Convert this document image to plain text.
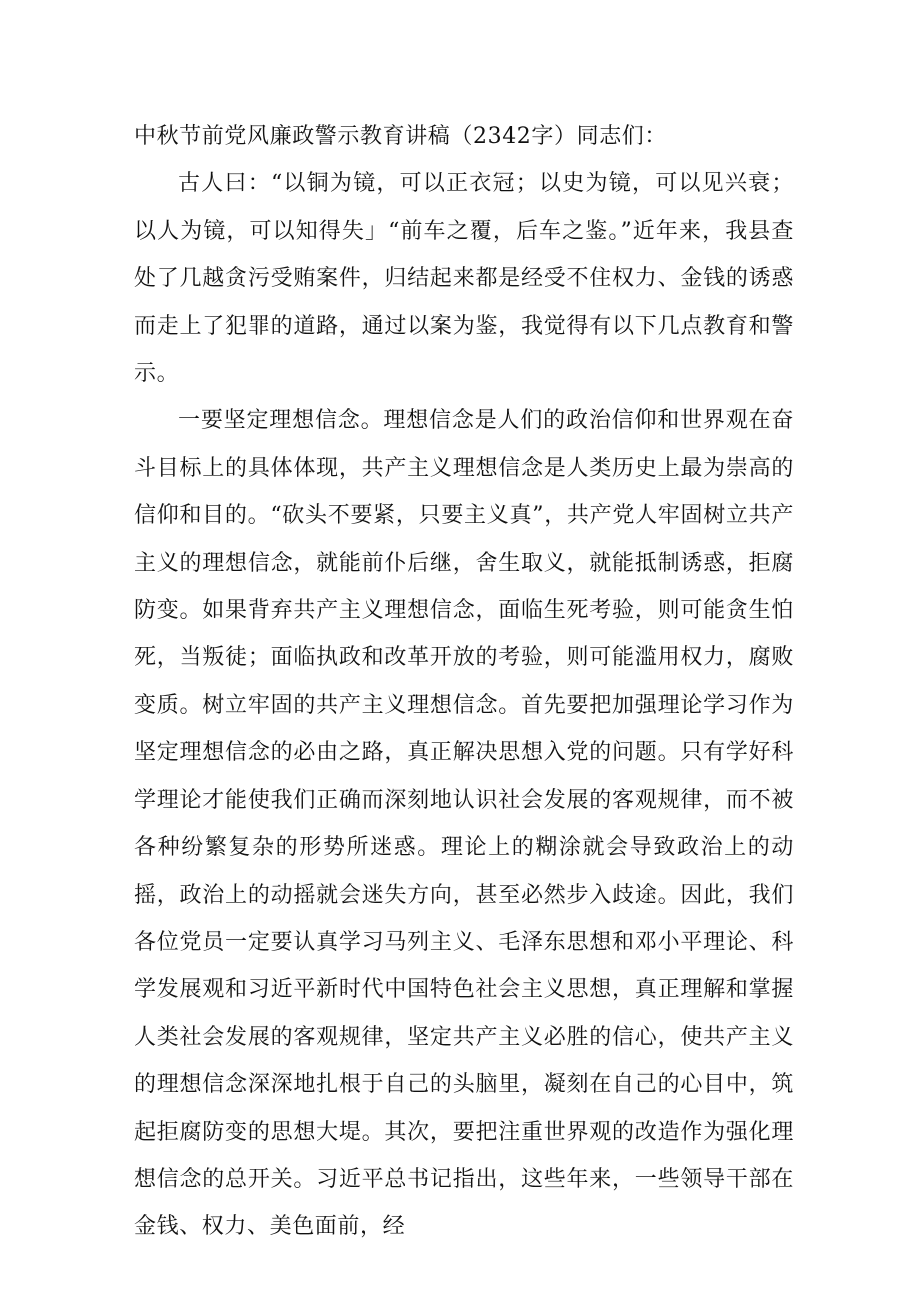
中秋节前党风廉政警示教育讲稿（2342字）同志们：

古人曰：“以铜为镜，可以正衣冠；以史为镜，可以见兴衰；以人为镜，可以知得失」“前车之覆，后车之鉴。”近年来，我县查处了几越贪污受贿案件，归结起来都是经受不住权力、金钱的诱惑而走上了犯罪的道路，通过以案为鉴，我觉得有以下几点教育和警示。

一要坚定理想信念。理想信念是人们的政治信仰和世界观在奋斗目标上的具体体现，共产主义理想信念是人类历史上最为崇高的信仰和目的。“砍头不要紧，只要主义真”，共产党人牢固树立共产主义的理想信念，就能前仆后继，舍生取义，就能抵制诱惑，拒腐防变。如果背弃共产主义理想信念，面临生死考验，则可能贪生怕死，当叛徒；面临执政和改革开放的考验，则可能滥用权力，腐败变质。树立牢固的共产主义理想信念。首先要把加强理论学习作为坚定理想信念的必由之路，真正解决思想入党的问题。只有学好科学理论才能使我们正确而深刻地认识社会发展的客观规律，而不被各种纷繁复杂的形势所迷惑。理论上的糊涂就会导致政治上的动摇，政治上的动摇就会迷失方向，甚至必然步入歧途。因此，我们各位党员一定要认真学习马列主义、毛泽东思想和邓小平理论、科学发展观和习近平新时代中国特色社会主义思想，真正理解和掌握人类社会发展的客观规律，坚定共产主义必胜的信心，使共产主义的理想信念深深地扎根于自己的头脑里，凝刻在自己的心目中，筑起拒腐防变的思想大堤。其次，要把注重世界观的改造作为强化理想信念的总开关。习近平总书记指出，这些年来，一些领导干部在金钱、权力、美色面前，经
